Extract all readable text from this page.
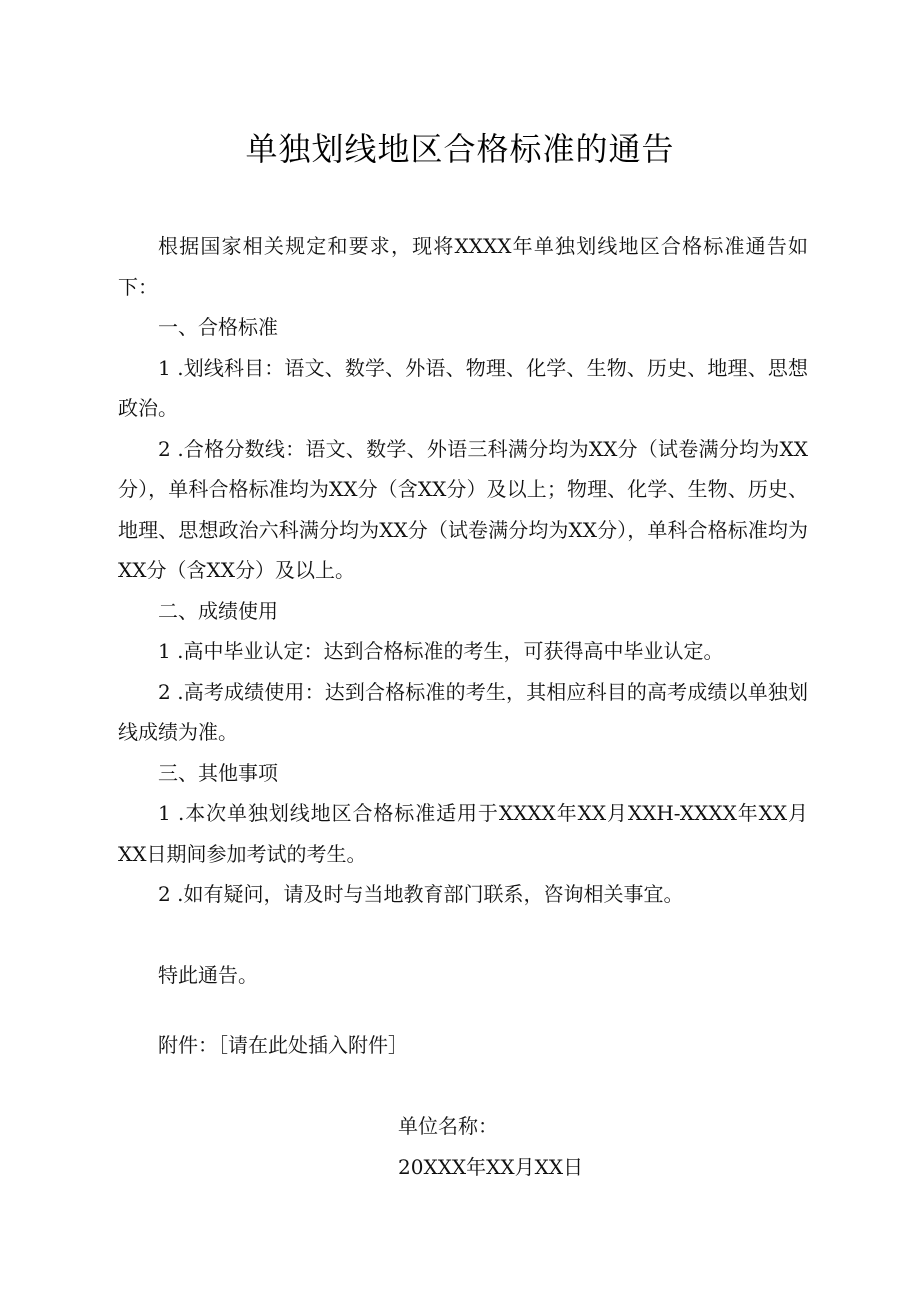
单独划线地区合格标准的通告

根据国家相关规定和要求，现将XXXX年单独划线地区合格标准通告如下：

一、合格标准

1 .划线科目：语文、数学、外语、物理、化学、生物、历史、地理、思想政治。

2 .合格分数线：语文、数学、外语三科满分均为XX分（试卷满分均为XX分），单科合格标准均为XX分（含XX分）及以上；物理、化学、生物、历史、地理、思想政治六科满分均为XX分（试卷满分均为XX分），单科合格标准均为XX分（含XX分）及以上。

二、成绩使用

1 .高中毕业认定：达到合格标准的考生，可获得高中毕业认定。

2 .高考成绩使用：达到合格标准的考生，其相应科目的高考成绩以单独划线成绩为准。

三、其他事项

1 .本次单独划线地区合格标准适用于XXXX年XX月XXH-XXXX年XX月XX日期间参加考试的考生。

2 .如有疑问，请及时与当地教育部门联系，咨询相关事宜。

特此通告。

附件：［请在此处插入附件］

单位名称：
20XXX年XX月XX日
